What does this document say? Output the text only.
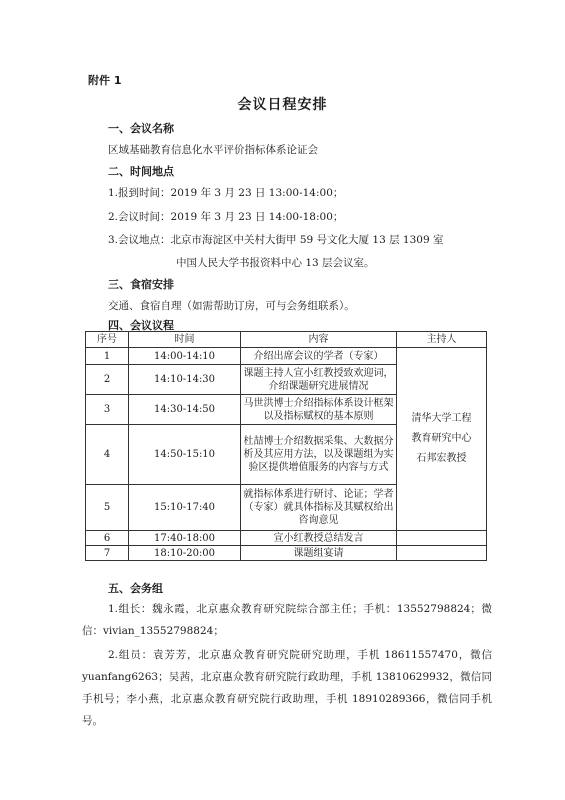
附件 1
会议日程安排
一、会议名称
区域基础教育信息化水平评价指标体系论证会
二、时间地点
1.报到时间：2019 年 3 月 23 日 13:00-14:00；
2.会议时间：2019 年 3 月 23 日 14:00-18:00；
3.会议地点：北京市海淀区中关村大街甲 59 号文化大厦 13 层 1309 室
中国人民大学书报资料中心 13 层会议室。
三、食宿安排
交通、食宿自理（如需帮助订房，可与会务组联系）。
四、会议议程
序号	时间	内容	主持人
1	14:00-14:10	介绍出席会议的学者（专家）	清华大学工程
教育研究中心
石邦宏教授

2	14:10-14:30	课题主持人宣小红教授致欢迎词，介绍课题研究进展情况	
3	14:30-14:50	马世洪博士介绍指标体系设计框架以及指标赋权的基本原则	
4	14:50-15:10	杜喆博士介绍数据采集、大数据分析及其应用方法，以及课题组为实验区提供增值服务的内容与方式	
5	15:10-17:40	就指标体系进行研讨、论证；学者（专家）就具体指标及其赋权给出咨询意见	
6	17:40-18:00	宣小红教授总结发言	
7	18:10-20:00	课题组宴请	
五、会务组
1.组长：魏永霞，北京惠众教育研究院综合部主任；手机：13552798824；微信：vivian_13552798824；
2.组员：袁芳芳，北京惠众教育研究院研究助理，手机 18611557470，微信 yuanfang6263；吴茜，北京惠众教育研究院行政助理，手机 13810629932，微信同手机号；李小燕，北京惠众教育研究院行政助理，手机 18910289366，微信同手机号。
